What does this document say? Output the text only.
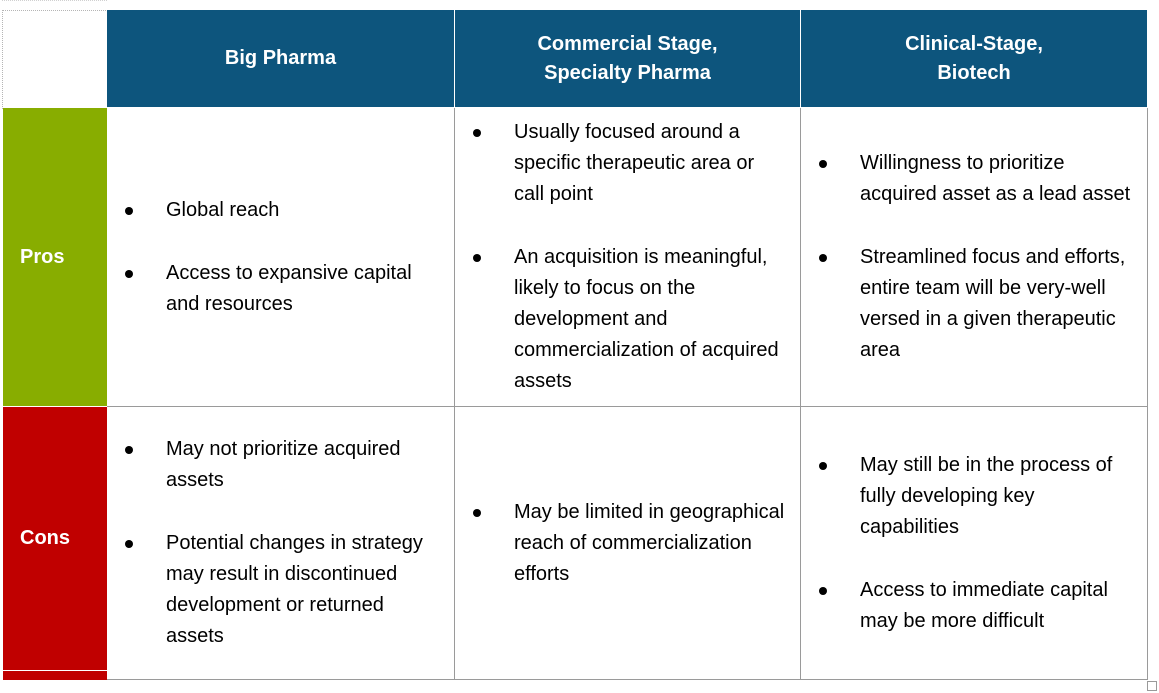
Big Pharma
Commercial Stage,
Specialty Pharma
Clinical-Stage,
Biotech
Pros
Cons
Global reach
Access to expansive capital and resources
Usually focused around a specific therapeutic area or call point
An acquisition is meaningful, likely to focus on the development and commercialization of acquired assets
Willingness to prioritize acquired asset as a lead asset
Streamlined focus and efforts, entire team will be very-well versed in a given therapeutic area
May not prioritize acquired assets
Potential changes in strategy may result in discontinued development or returned assets
May be limited in geographical reach of commercialization efforts
May still be in the process of fully developing key capabilities
Access to immediate capital may be more difficult
